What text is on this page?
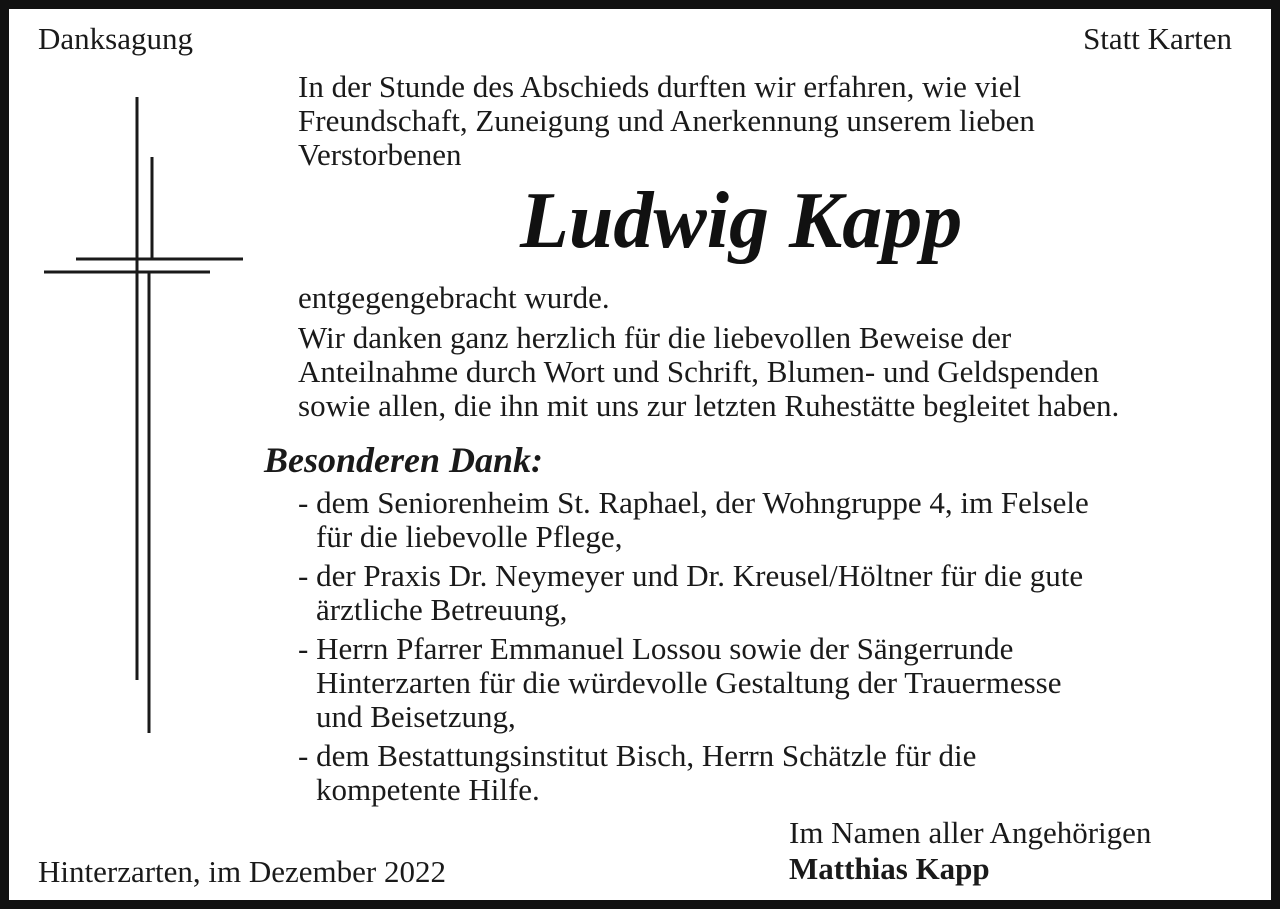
Danksagung	Statt Karten
In der Stunde des Abschieds durften wir erfahren, wie viel
Freundschaft, Zuneigung und Anerkennung unserem lieben
Verstorbenen
Ludwig Kapp
entgegengebracht wurde.
Wir danken ganz herzlich für die liebevollen Beweise der
Anteilnahme durch Wort und Schrift, Blumen- und Geldspenden
sowie allen, die ihn mit uns zur letzten Ruhestätte begleitet haben.
Besonderen Dank:
- dem Seniorenheim St. Raphael, der Wohngruppe 4, im Felsele
für die liebevolle Pflege,
- der Praxis Dr. Neymeyer und Dr. Kreusel/Höltner für die gute
ärztliche Betreuung,
- Herrn Pfarrer Emmanuel Lossou sowie der Sängerrunde
Hinterzarten für die würdevolle Gestaltung der Trauermesse
und Beisetzung,
- dem Bestattungsinstitut Bisch, Herrn Schätzle für die
kompetente Hilfe.
Im Namen aller Angehörigen
Matthias Kapp
Hinterzarten, im Dezember 2022
